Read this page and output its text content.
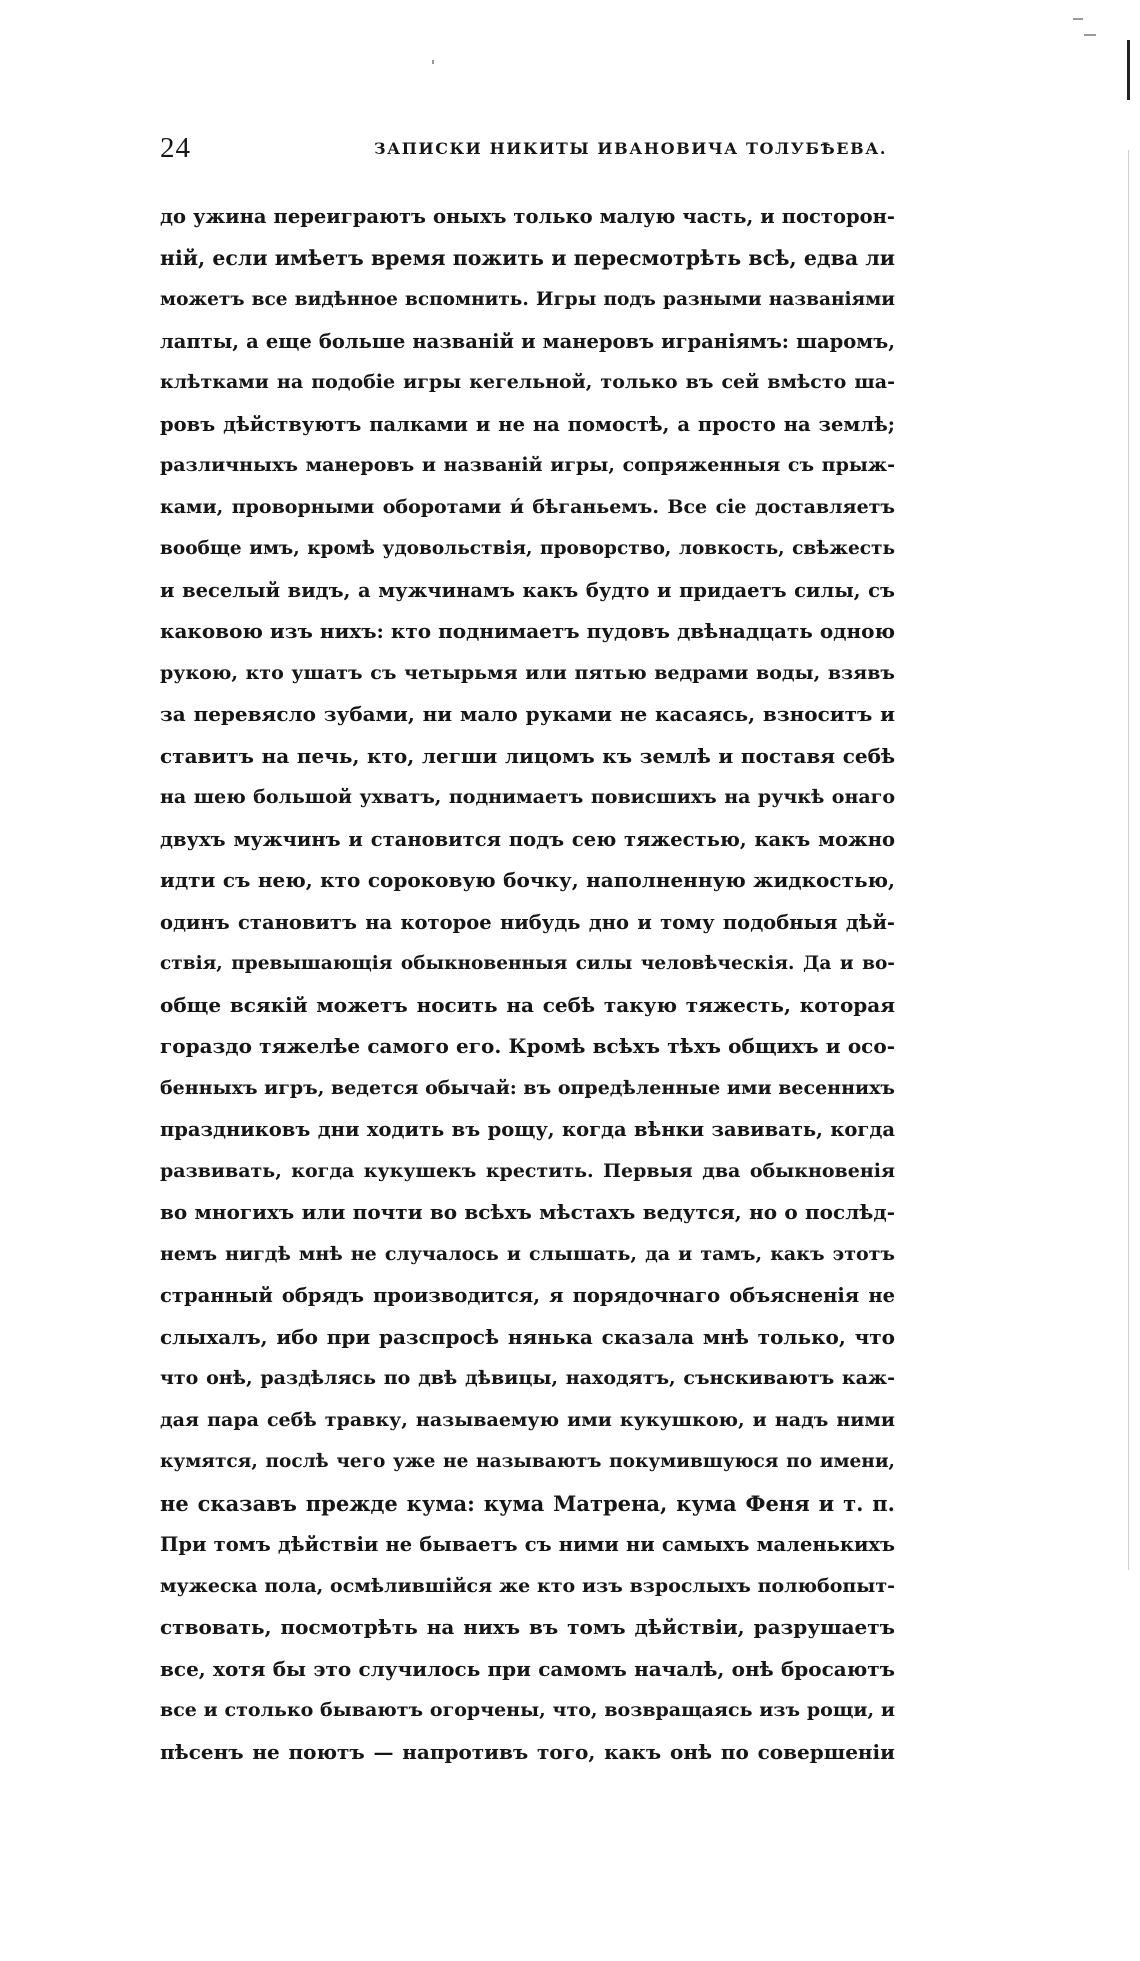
24	ЗАПИСКИ НИКИТЫ ИВАНОВИЧА ТОЛУБѢЕВА.
до ужина переиграютъ оныхъ только малую часть, и посторон-
ній, если имѣетъ время пожить и пересмотрѣть всѣ, едва ли
можетъ все видѣнное вспомнить. Игры подъ разными названіями
лапты, а еще больше названій и манеровъ играніямъ: шаромъ,
клѣтками на подобіе игры кегельной, только въ сей вмѣсто ша-
ровъ дѣйствуютъ палками и не на помостѣ, а просто на землѣ;
различныхъ манеровъ и названій игры, сопряженныя съ прыж-
ками, проворными оборотами и́ бѣганьемъ. Все сіе доставляетъ
вообще имъ, кромѣ удовольствія, проворство, ловкость, свѣжесть
и веселый видъ, а мужчинамъ какъ будто и придаетъ силы, съ
каковою изъ нихъ: кто поднимаетъ пудовъ двѣнадцать одною
рукою, кто ушатъ съ четырьмя или пятью ведрами воды, взявъ
за перевясло зубами, ни мало руками не касаясь, взноситъ и
ставитъ на печь, кто, легши лицомъ къ землѣ и поставя себѣ
на шею большой ухватъ, поднимаетъ повисшихъ на ручкѣ онаго
двухъ мужчинъ и становится подъ сею тяжестью, какъ можно
идти съ нею, кто сороковую бочку, наполненную жидкостью,
одинъ становитъ на которое нибудь дно и тому подобныя дѣй-
ствія, превышающія обыкновенныя силы человѣческія. Да и во-
обще всякій можетъ носить на себѣ такую тяжесть, которая
гораздо тяжелѣе самого его. Кромѣ всѣхъ тѣхъ общихъ и осо-
бенныхъ игръ, ведется обычай: въ опредѣленные ими весеннихъ
праздниковъ дни ходить въ рощу, когда вѣнки завивать, когда
развивать, когда кукушекъ крестить. Первыя два обыкновенія
во многихъ или почти во всѣхъ мѣстахъ ведутся, но о послѣд-
немъ нигдѣ мнѣ не случалось и слышать, да и тамъ, какъ этотъ
странный обрядъ производится, я порядочнаго объясненія не
слыхалъ, ибо при разспросѣ нянька сказала мнѣ только, что
что онѣ, раздѣлясь по двѣ дѣвицы, находятъ, сънскиваютъ каж-
дая пара себѣ травку, называемую ими кукушкою, и надъ ними
кумятся, послѣ чего уже не называютъ покумившуюся по имени,
не сказавъ прежде кума: кума Матрена, кума Феня и т. п.
При томъ дѣйствіи не бываетъ съ ними ни самыхъ маленькихъ
мужеска пола, осмѣлившійся же кто изъ взрослыхъ полюбопыт-
ствовать, посмотрѣть на нихъ въ томъ дѣйствіи, разрушаетъ
все, хотя бы это случилось при самомъ началѣ, онѣ бросаютъ
все и столько бываютъ огорчены, что, возвращаясь изъ рощи, и
пѣсенъ не поютъ — напротивъ того, какъ онѣ по совершеніи
